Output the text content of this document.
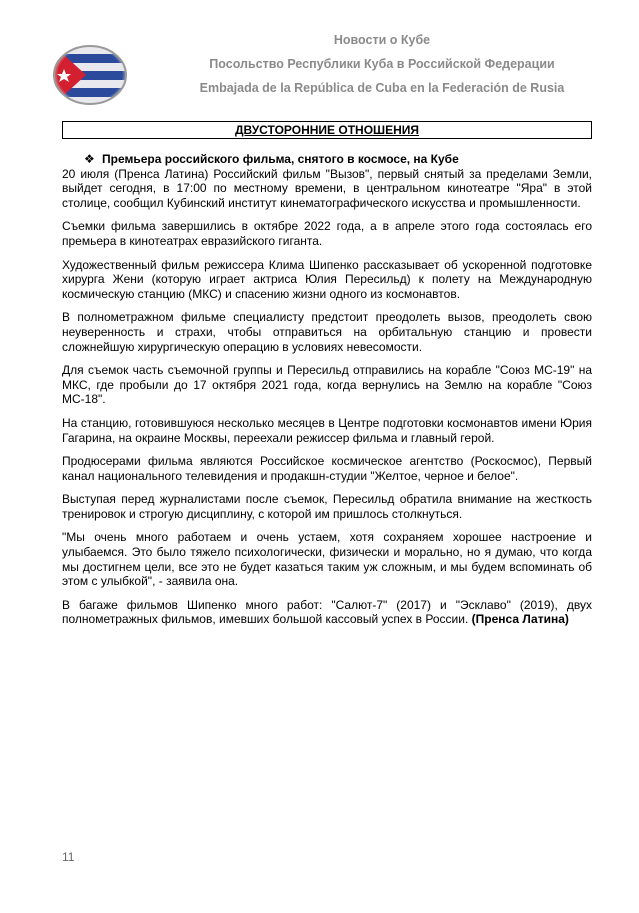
Новости о Кубе
Посольство Республики Куба в Российской Федерации
Embajada de la República de Cuba en la Federación de Rusia
ДВУСТОРОННИЕ ОТНОШЕНИЯ
❖ Премьера российского фильма, снятого в космосе, на Кубе

20 июля (Пренса Латина) Российский фильм "Вызов", первый снятый за пределами Земли, выйдет сегодня, в 17:00 по местному времени, в центральном кинотеатре "Яра" в этой столице, сообщил Кубинский институт кинематографического искусства и промышленности.

Съемки фильма завершились в октябре 2022 года, а в апреле этого года состоялась его премьера в кинотеатрах евразийского гиганта.

Художественный фильм режиссера Клима Шипенко рассказывает об ускоренной подготовке хирурга Жени (которую играет актриса Юлия Пересильд) к полету на Международную космическую станцию (МКС) и спасению жизни одного из космонавтов.

В полнометражном фильме специалисту предстоит преодолеть вызов, преодолеть свою неуверенность и страхи, чтобы отправиться на орбитальную станцию и провести сложнейшую хирургическую операцию в условиях невесомости.

Для съемок часть съемочной группы и Пересильд отправились на корабле "Союз МС-19" на МКС, где пробыли до 17 октября 2021 года, когда вернулись на Землю на корабле "Союз МС-18".

На станцию, готовившуюся несколько месяцев в Центре подготовки космонавтов имени Юрия Гагарина, на окраине Москвы, переехали режиссер фильма и главный герой.

Продюсерами фильма являются Российское космическое агентство (Роскосмос), Первый канал национального телевидения и продакшн-студии "Желтое, черное и белое".

Выступая перед журналистами после съемок, Пересильд обратила внимание на жесткость тренировок и строгую дисциплину, с которой им пришлось столкнуться.

"Мы очень много работаем и очень устаем, хотя сохраняем хорошее настроение и улыбаемся. Это было тяжело психологически, физически и морально, но я думаю, что когда мы достигнем цели, все это не будет казаться таким уж сложным, и мы будем вспоминать об этом с улыбкой", - заявила она.

В багаже фильмов Шипенко много работ: "Салют-7" (2017) и "Эсклаво" (2019), двух полнометражных фильмов, имевших большой кассовый успех в России. (Пренса Латина)

11
